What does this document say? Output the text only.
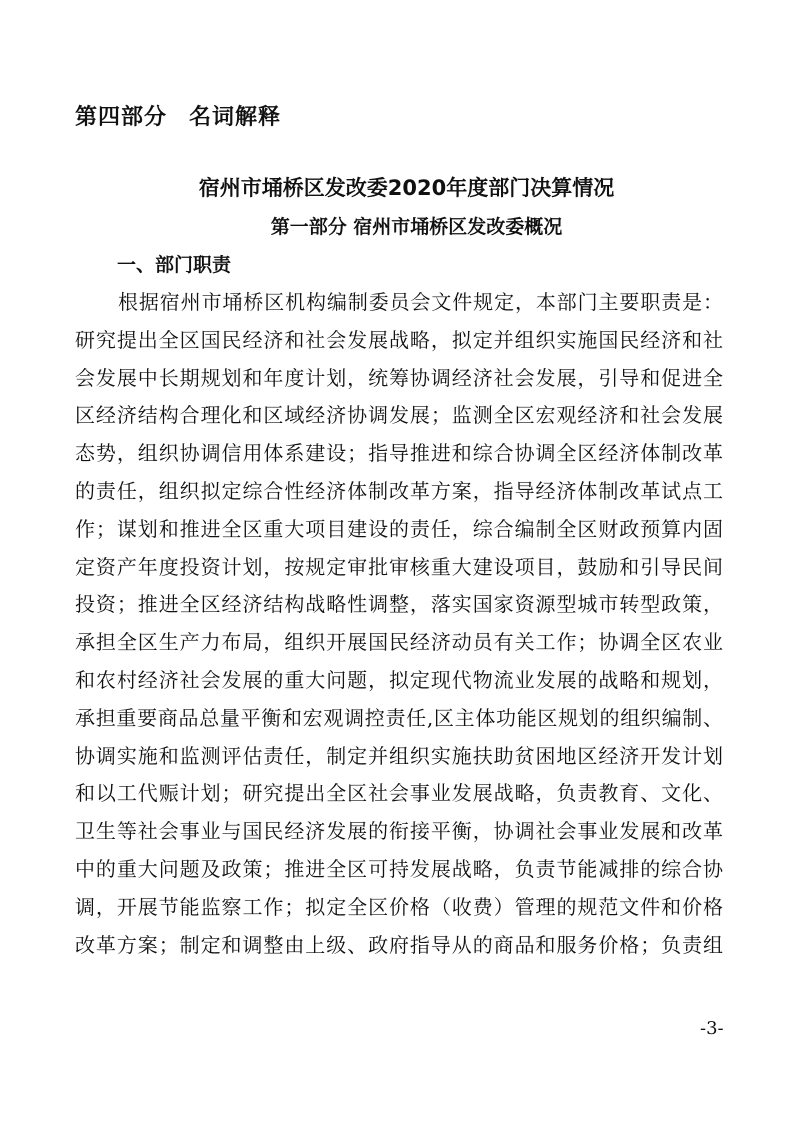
第四部分 名词解释
宿州市埇桥区发改委2020年度部门决算情况
第一部分 宿州市埇桥区发改委概况
一、部门职责
根据宿州市埇桥区机构编制委员会文件规定，本部门主要职责是：
研究提出全区国民经济和社会发展战略，拟定并组织实施国民经济和社
会发展中长期规划和年度计划，统筹协调经济社会发展，引导和促进全
区经济结构合理化和区域经济协调发展；监测全区宏观经济和社会发展
态势，组织协调信用体系建设；指导推进和综合协调全区经济体制改革
的责任，组织拟定综合性经济体制改革方案，指导经济体制改革试点工
作；谋划和推进全区重大项目建设的责任，综合编制全区财政预算内固
定资产年度投资计划，按规定审批审核重大建设项目，鼓励和引导民间
投资；推进全区经济结构战略性调整，落实国家资源型城市转型政策，
承担全区生产力布局，组织开展国民经济动员有关工作；协调全区农业
和农村经济社会发展的重大问题，拟定现代物流业发展的战略和规划，
承担重要商品总量平衡和宏观调控责任,区主体功能区规划的组织编制、
协调实施和监测评估责任，制定并组织实施扶助贫困地区经济开发计划
和以工代赈计划；研究提出全区社会事业发展战略，负责教育、文化、
卫生等社会事业与国民经济发展的衔接平衡，协调社会事业发展和改革
中的重大问题及政策；推进全区可持发展战略，负责节能减排的综合协
调，开展节能监察工作；拟定全区价格（收费）管理的规范文件和价格
改革方案；制定和调整由上级、政府指导从的商品和服务价格；负责组
-3-
